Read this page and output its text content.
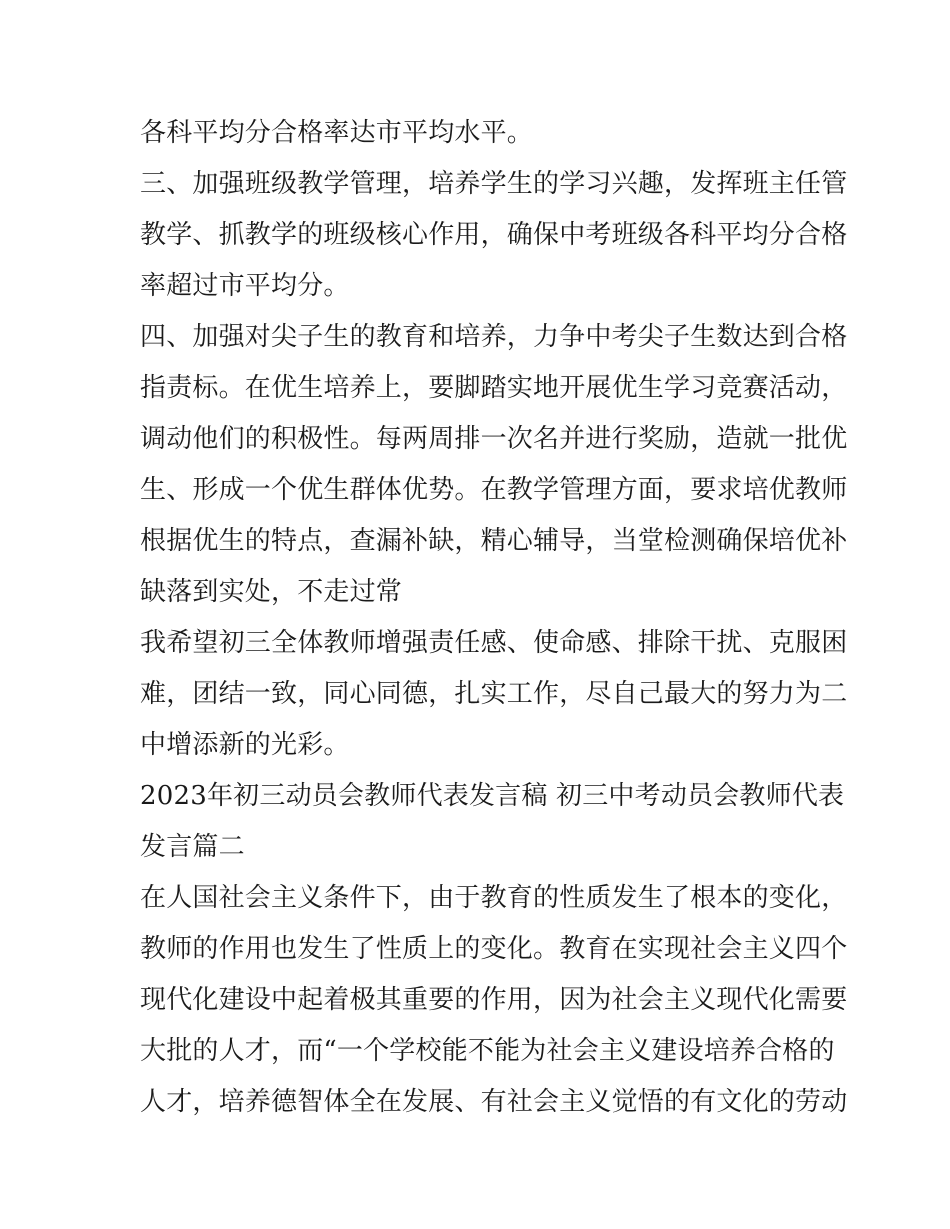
各科平均分合格率达市平均水平。
三、加强班级教学管理，培养学生的学习兴趣，发挥班主任管
教学、抓教学的班级核心作用，确保中考班级各科平均分合格
率超过市平均分。
四、加强对尖子生的教育和培养，力争中考尖子生数达到合格
指责标。在优生培养上，要脚踏实地开展优生学习竞赛活动，
调动他们的积极性。每两周排一次名并进行奖励，造就一批优
生、形成一个优生群体优势。在教学管理方面，要求培优教师
根据优生的特点，查漏补缺，精心辅导，当堂检测确保培优补
缺落到实处，不走过常
我希望初三全体教师增强责任感、使命感、排除干扰、克服困
难，团结一致，同心同德，扎实工作，尽自己最大的努力为二
中增添新的光彩。
2023年初三动员会教师代表发言稿 初三中考动员会教师代表
发言篇二
在人国社会主义条件下，由于教育的性质发生了根本的变化，
教师的作用也发生了性质上的变化。教育在实现社会主义四个
现代化建设中起着极其重要的作用，因为社会主义现代化需要
大批的人才，而“一个学校能不能为社会主义建设培养合格的
人才，培养德智体全在发展、有社会主义觉悟的有文化的劳动
